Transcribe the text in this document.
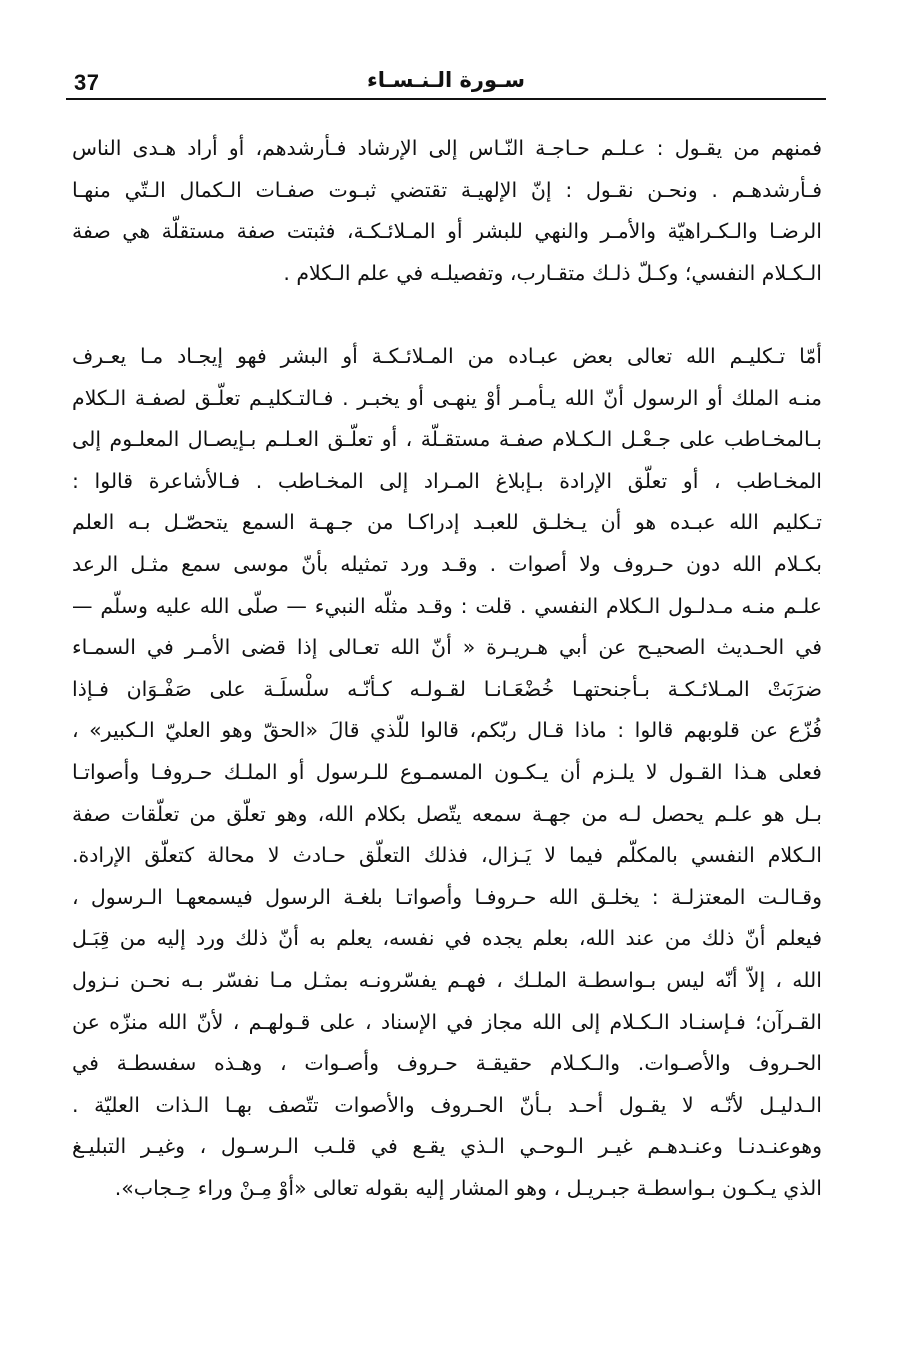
37	سـورة الـنـسـاء
فمنهم من يقـول : عـلـم حـاجـة النّـاس إلى الإرشاد فـأرشدهم، أو أراد هـدى الناس
فـأرشدهـم . ونحـن نقـول : إنّ الإلهيـة تقتضي ثبـوت صفـات الـكمال الـتّي منهـا
الرضـا والـكـراهيّة والأمـر والنهي للبشر أو المـلائـكـة، فثبتت صفة مستقلّة هي صفة
الـكـلام النفسي؛ وكـلّ ذلـك متقـارب، وتفصيلـه في علم الـكلام .
أمّا تـكليـم الله تعالى بعض عبـاده من المـلائـكـة أو البشر فهو إيجـاد مـا يعـرف
منـه الملك أو الرسول أنّ الله يـأمـر أوْ ينهـى أو يخبـر . فـالتـكليـم تعلّـق لصفـة الـكلام
بـالمخـاطب على جـعْـل الـكـلام صفـة مستقـلّة ، أو تعلّـق العـلـم بـإيصـال المعلـوم إلى
المخـاطب ، أو تعلّق الإرادة بـإبلاغ المـراد إلى المخـاطب . فـالأشاعرة قالوا :
تـكليم الله عبـده هو أن يـخلـق للعبـد إدراكـا من جـهـة السمع يتحصّـل بـه العلم
بكـلام الله دون حـروف ولا أصوات . وقـد ورد تمثيله بأنّ موسى سمع مثـل الرعد
علـم منـه مـدلـول الـكلام النفسي . قلت : وقـد مثلّه النبيء — صلّى الله عليه وسلّم —
في الحـديث الصحيـح عن أبي هـريـرة « أنّ الله تعـالى إذا قضى الأمـر في السمـاء
ضرَبَتْ المـلائـكـة بـأجنحتهـا خُضْعَـانـا لقـولـه كـأنّـه سلْسلَـة على صَفْـوَان فـإذا
فُزّع عن قلوبهم قالوا : ماذا قـال ربّكم، قالوا للّذي قالَ «الحقّ وهو العليّ الـكبير» ،
فعلى هـذا القـول لا يلـزم أن يـكـون المسمـوع للـرسول أو الملـك حـروفـا وأصواتـا
بـل هو علـم يحصل لـه من جهـة سمعه يتّصل بكلام الله، وهو تعلّق من تعلّقات صفة
الـكلام النفسي بالمكلّم فيما لا يَـزال، فذلك التعلّق حـادث لا محالة كتعلّق الإرادة.
وقـالـت المعتزلـة : يخلـق الله حـروفـا وأصواتـا بلغـة الرسول فيسمعهـا الـرسول ،
فيعلم أنّ ذلك من عند الله، بعلم يجده في نفسه، يعلم به أنّ ذلك ورد إليه من قِبَـل
الله ، إلاّ أنّه ليس بـواسطـة الملـك ، فهـم يفسّرونـه بمثـل مـا نفسّر بـه نحـن نـزول
القـرآن؛ فـإسنـاد الـكـلام إلى الله مجاز في الإسناد ، على قـولهـم ، لأنّ الله منزّه عن
الحـروف والأصـوات. والـكـلام حقيقـة حـروف وأصـوات ، وهـذه سفسطـة في
الـدليـل لأنّـه لا يقـول أحـد بـأنّ الحـروف والأصوات تتّصف بهـا الـذات العليّة .
وهوعنـدنـا وعنـدهـم غيـر الـوحـي الـذي يقـع في قلـب الـرسـول ، وغيـر التبليـغ
الذي يـكـون بـواسطـة جبـريـل ، وهو المشار إليه بقوله تعالى «أوْ مِـنْ وراء حِـجاب».
